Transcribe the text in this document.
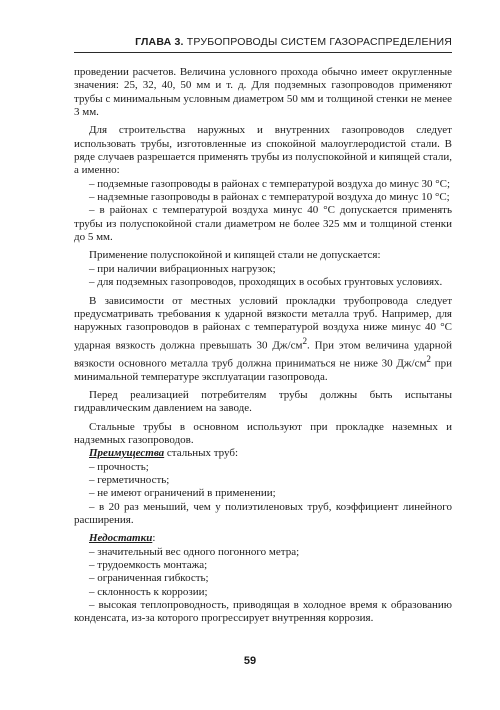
ГЛАВА 3. ТРУБОПРОВОДЫ СИСТЕМ ГАЗОРАСПРЕДЕЛЕНИЯ

проведении расчетов. Величина условного прохода обычно имеет округленные значения: 25, 32, 40, 50 мм и т. д. Для подземных газопроводов применяют трубы с минимальным условным диаметром 50 мм и толщиной стенки не менее 3 мм.

Для строительства наружных и внутренних газопроводов следует использовать трубы, изготовленные из спокойной малоуглеродистой стали. В ряде случаев разрешается применять трубы из полуспокойной и кипящей стали, а именно:

– подземные газопроводы в районах с температурой воздуха до минус 30 °С;

– надземные газопроводы в районах с температурой воздуха до минус 10 °С;

– в районах с температурой воздуха минус 40 °С допускается применять трубы из полуспокойной стали диаметром не более 325 мм и толщиной стенки до 5 мм.

Применение полуспокойной и кипящей стали не допускается:

– при наличии вибрационных нагрузок;

– для подземных газопроводов, проходящих в особых грунтовых условиях.

В зависимости от местных условий прокладки трубопровода следует предусматривать требования к ударной вязкости металла труб. Например, для наружных газопроводов в районах с температурой воздуха ниже минус 40 °С ударная вязкость должна превышать 30 $Дж/см^2$. При этом величина ударной вязкости основного металла труб должна приниматься не ниже 30 $Дж/см^2$ при минимальной температуре эксплуатации газопровода.

Перед реализацией потребителям трубы должны быть испытаны гидравлическим давлением на заводе.

Стальные трубы в основном используют при прокладке наземных и надземных газопроводов.

Преимущества стальных труб:

– прочность;

– герметичность;

– не имеют ограничений в применении;

– в 20 раз меньший, чем у полиэтиленовых труб, коэффициент линейного расширения.

Недостатки:

– значительный вес одного погонного метра;

– трудоемкость монтажа;

– ограниченная гибкость;

– склонность к коррозии;

– высокая теплопроводность, приводящая в холодное время к образованию конденсата, из-за которого прогрессирует внутренняя коррозия.

59
